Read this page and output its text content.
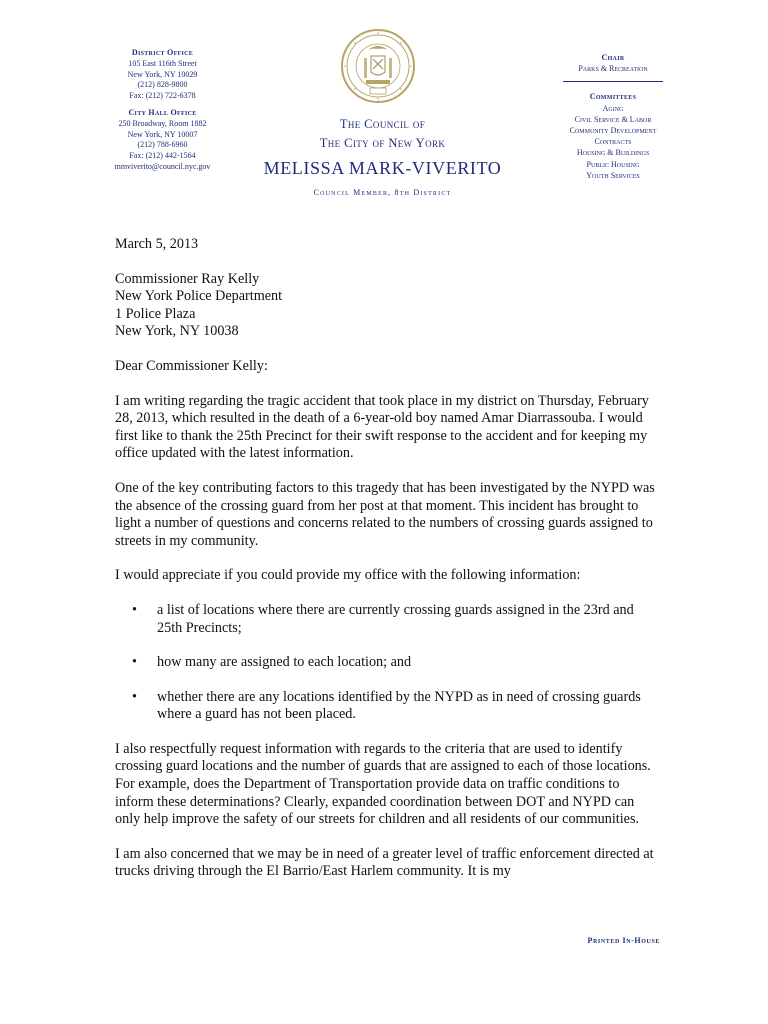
District Office
105 East 116th Street
New York, NY 10029
(212) 828-9800
Fax: (212) 722-6378
City Hall Office
250 Broadway, Room 1882
New York, NY 10007
(212) 788-6960
Fax: (212) 442-1564
mmviverito@council.nyc.gov
The Council of
The City of New York
MELISSA MARK-VIVERITO
Council Member, 8th District
Chair
Parks & Recreation
Committees
Aging
Civil Service & Labor
Community Development
Contracts
Housing & Buildings
Public Housing
Youth Services

March 5, 2013

Commissioner Ray Kelly

New York Police Department

1 Police Plaza

New York, NY 10038

Dear Commissioner Kelly:

I am writing regarding the tragic accident that took place in my district on Thursday, February 28, 2013, which resulted in the death of a 6-year-old boy named Amar Diarrassouba. I would first like to thank the 25th Precinct for their swift response to the accident and for keeping my office updated with the latest information.

One of the key contributing factors to this tragedy that has been investigated by the NYPD was the absence of the crossing guard from her post at that moment. This incident has brought to light a number of questions and concerns related to the numbers of crossing guards assigned to streets in my community.

I would appreciate if you could provide my office with the following information:

• a list of locations where there are currently crossing guards assigned in the 23rd and 25th Precincts;
• how many are assigned to each location; and
• whether there are any locations identified by the NYPD as in need of crossing guards where a guard has not been placed.

I also respectfully request information with regards to the criteria that are used to identify crossing guard locations and the number of guards that are assigned to each of those locations. For example, does the Department of Transportation provide data on traffic conditions to inform these determinations? Clearly, expanded coordination between DOT and NYPD can only help improve the safety of our streets for children and all residents of our communities.

I am also concerned that we may be in need of a greater level of traffic enforcement directed at trucks driving through the El Barrio/East Harlem community. It is my

Printed In-House
